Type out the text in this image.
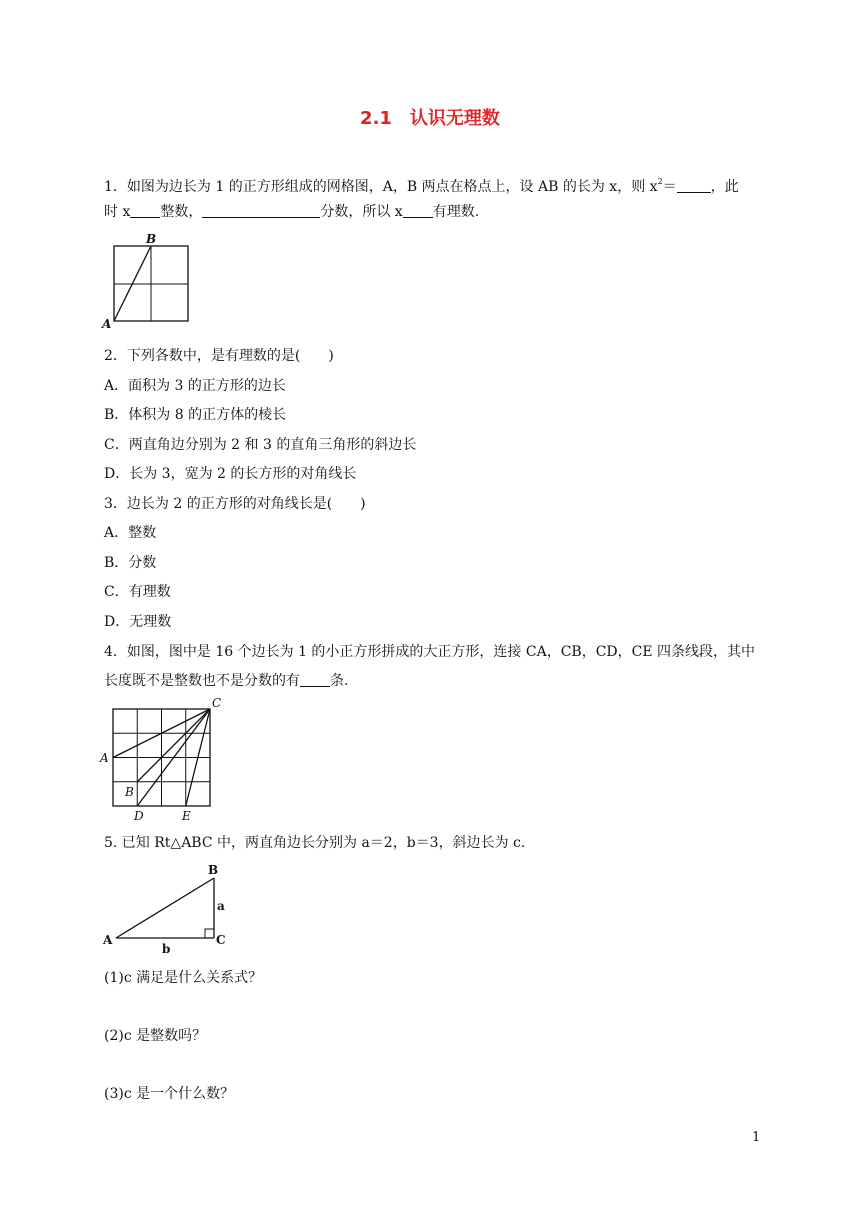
2.1　认识无理数
1．如图为边长为 1 的正方形组成的网格图，A，B 两点在格点上，设 AB 的长为 x，则 $x^2=$ ，此
时 x 整数，	分数，所以 x 有理数.
B
A
2．下列各数中，是有理数的是(　　)
A．面积为 3 的正方形的边长
B．体积为 8 的正方体的棱长
C．两直角边分别为 2 和 3 的直角三角形的斜边长
D．长为 3，宽为 2 的长方形的对角线长
3．边长为 2 的正方形的对角线长是(　　)
A．整数
B．分数
C．有理数
D．无理数
4．如图，图中是 16 个边长为 1 的小正方形拼成的大正方形，连接 CA，CB，CD，CE 四条线段，其中
长度既不是整数也不是分数的有 条.
C
A
B
D	E
5. 已知 Rt△ABC 中，两直角边长分别为 a＝2，b＝3，斜边长为 c.
B
A	C
a
b
(1)c 满足是什么关系式？
(2)c 是整数吗？
(3)c 是一个什么数？
1
